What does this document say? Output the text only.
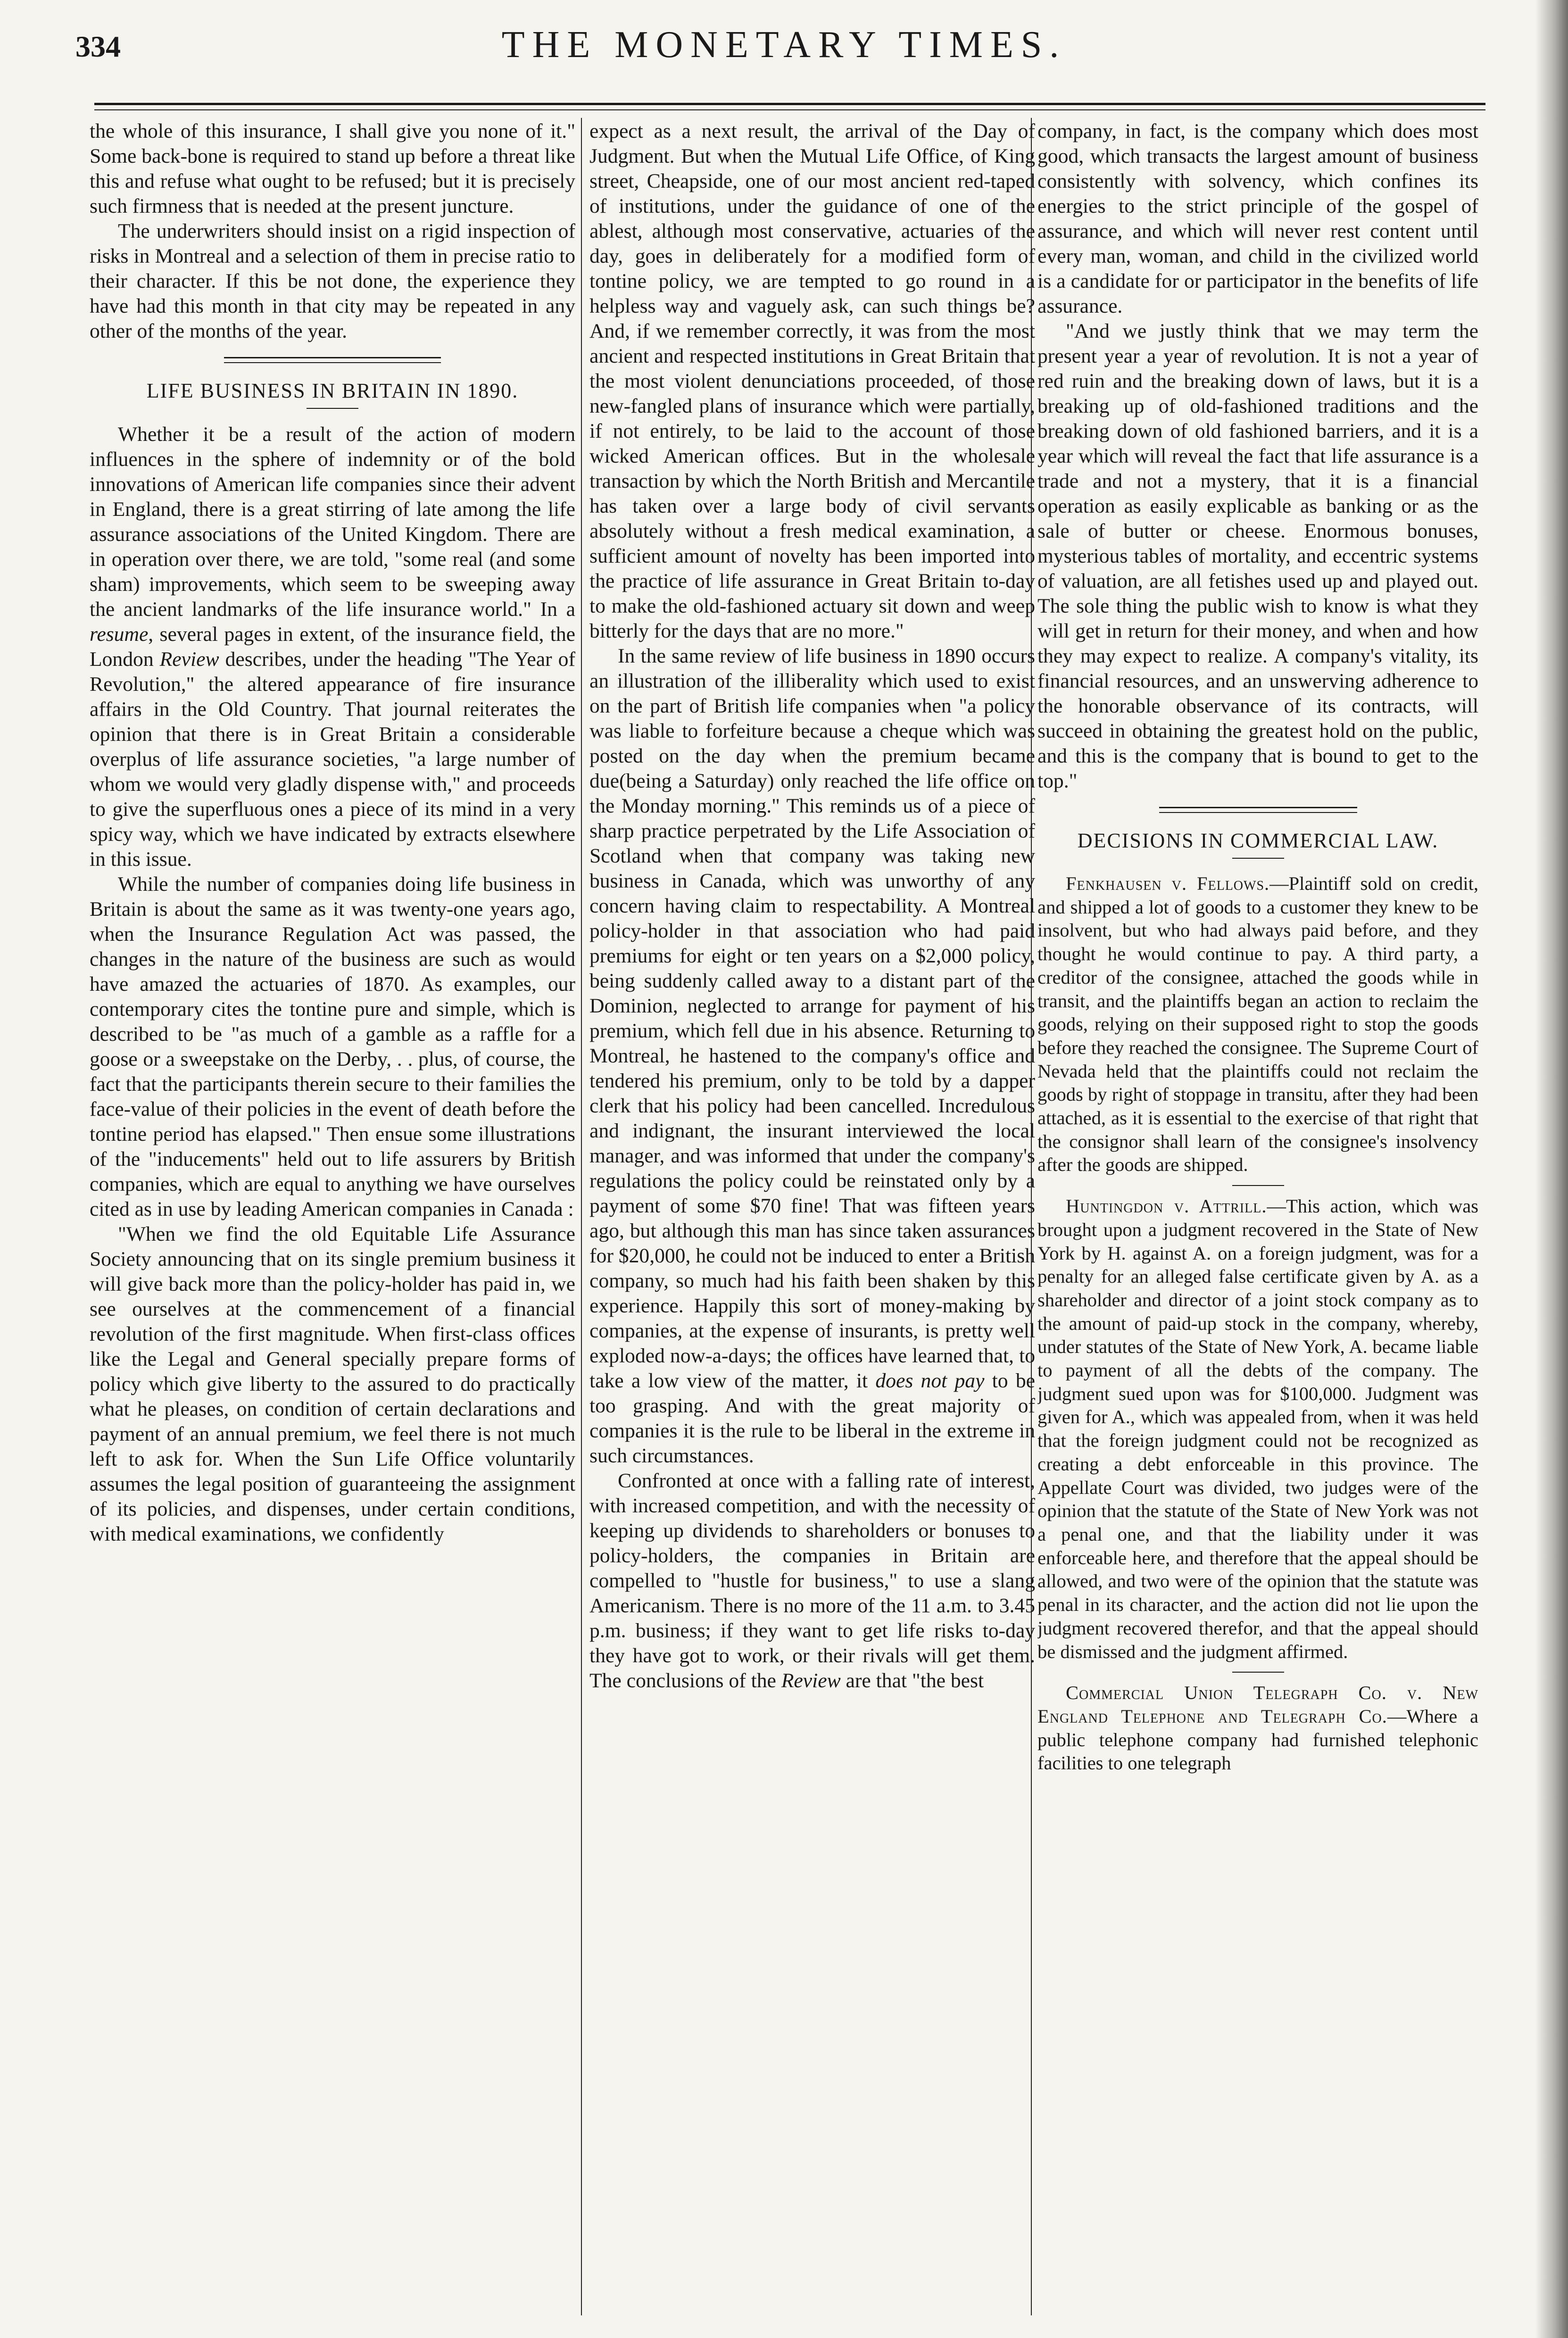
334	THE MONETARY TIMES.

the whole of this insurance, I shall give you none of it." Some back-bone is required to stand up before a threat like this and refuse what ought to be refused; but it is precisely such firmness that is needed at the present juncture.

The underwriters should insist on a rigid inspection of risks in Montreal and a selection of them in precise ratio to their character. If this be not done, the experience they have had this month in that city may be repeated in any other of the months of the year.

LIFE BUSINESS IN BRITAIN IN 1890.

Whether it be a result of the action of modern influences in the sphere of indemnity or of the bold innovations of American life companies since their advent in England, there is a great stirring of late among the life assurance associations of the United Kingdom. There are in operation over there, we are told, "some real (and some sham) improvements, which seem to be sweeping away the ancient landmarks of the life insurance world." In a resume, several pages in extent, of the insurance field, the London Review describes, under the heading "The Year of Revolution," the altered appearance of fire insurance affairs in the Old Country. That journal reiterates the opinion that there is in Great Britain a considerable overplus of life assurance societies, "a large number of whom we would very gladly dispense with," and proceeds to give the superfluous ones a piece of its mind in a very spicy way, which we have indicated by extracts elsewhere in this issue.

While the number of companies doing life business in Britain is about the same as it was twenty-one years ago, when the Insurance Regulation Act was passed, the changes in the nature of the business are such as would have amazed the actuaries of 1870. As examples, our contemporary cites the tontine pure and simple, which is described to be "as much of a gamble as a raffle for a goose or a sweepstake on the Derby, . . plus, of course, the fact that the participants therein secure to their families the face-value of their policies in the event of death before the tontine period has elapsed." Then ensue some illustrations of the "inducements" held out to life assurers by British companies, which are equal to anything we have ourselves cited as in use by leading American companies in Canada :

"When we find the old Equitable Life Assurance Society announcing that on its single premium business it will give back more than the policy-holder has paid in, we see ourselves at the commencement of a financial revolution of the first magnitude. When first-class offices like the Legal and General specially prepare forms of policy which give liberty to the assured to do practically what he pleases, on condition of certain declarations and payment of an annual premium, we feel there is not much left to ask for. When the Sun Life Office voluntarily assumes the legal position of guaranteeing the assignment of its policies, and dispenses, under certain conditions, with medical examinations, we confidently

expect as a next result, the arrival of the Day of Judgment. But when the Mutual Life Office, of King street, Cheapside, one of our most ancient red-taped of institutions, under the guidance of one of the ablest, although most conservative, actuaries of the day, goes in deliberately for a modified form of tontine policy, we are tempted to go round in a helpless way and vaguely ask, can such things be? And, if we remember correctly, it was from the most ancient and respected institutions in Great Britain that the most violent denunciations proceeded, of those new-fangled plans of insurance which were partially, if not entirely, to be laid to the account of those wicked American offices. But in the wholesale transaction by which the North British and Mercantile has taken over a large body of civil servants absolutely without a fresh medical examination, a sufficient amount of novelty has been imported into the practice of life assurance in Great Britain to-day to make the old-fashioned actuary sit down and weep bitterly for the days that are no more."

In the same review of life business in 1890 occurs an illustration of the illiberality which used to exist on the part of British life companies when "a policy was liable to forfeiture because a cheque which was posted on the day when the premium became due(being a Saturday) only reached the life office on the Monday morning." This reminds us of a piece of sharp practice perpetrated by the Life Association of Scotland when that company was taking new business in Canada, which was unworthy of any concern having claim to respectability. A Montreal policy-holder in that association who had paid premiums for eight or ten years on a $2,000 policy, being suddenly called away to a distant part of the Dominion, neglected to arrange for payment of his premium, which fell due in his absence. Returning to Montreal, he hastened to the company's office and tendered his premium, only to be told by a dapper clerk that his policy had been cancelled. Incredulous and indignant, the insurant interviewed the local manager, and was informed that under the company's regulations the policy could be reinstated only by a payment of some $70 fine! That was fifteen years ago, but although this man has since taken assurances for $20,000, he could not be induced to enter a British company, so much had his faith been shaken by this experience. Happily this sort of money-making by companies, at the expense of insurants, is pretty well exploded now-a-days; the offices have learned that, to take a low view of the matter, it does not pay to be too grasping. And with the great majority of companies it is the rule to be liberal in the extreme in such circumstances.

Confronted at once with a falling rate of interest, with increased competition, and with the necessity of keeping up dividends to shareholders or bonuses to policy-holders, the companies in Britain are compelled to "hustle for business," to use a slang Americanism. There is no more of the 11 a.m. to 3.45 p.m. business; if they want to get life risks to-day they have got to work, or their rivals will get them. The conclusions of the Review are that "the best

company, in fact, is the company which does most good, which transacts the largest amount of business consistently with solvency, which confines its energies to the strict principle of the gospel of assurance, and which will never rest content until every man, woman, and child in the civilized world is a candidate for or participator in the benefits of life assurance.

"And we justly think that we may term the present year a year of revolution. It is not a year of red ruin and the breaking down of laws, but it is a breaking up of old-fashioned traditions and the breaking down of old fashioned barriers, and it is a year which will reveal the fact that life assurance is a trade and not a mystery, that it is a financial operation as easily explicable as banking or as the sale of butter or cheese. Enormous bonuses, mysterious tables of mortality, and eccentric systems of valuation, are all fetishes used up and played out. The sole thing the public wish to know is what they will get in return for their money, and when and how they may expect to realize. A company's vitality, its financial resources, and an unswerving adherence to the honorable observance of its contracts, will succeed in obtaining the greatest hold on the public, and this is the company that is bound to get to the top."

DECISIONS IN COMMERCIAL LAW.

Fenkhausen v. Fellows.—Plaintiff sold on credit, and shipped a lot of goods to a customer they knew to be insolvent, but who had always paid before, and they thought he would continue to pay. A third party, a creditor of the consignee, attached the goods while in transit, and the plaintiffs began an action to reclaim the goods, relying on their supposed right to stop the goods before they reached the consignee. The Supreme Court of Nevada held that the plaintiffs could not reclaim the goods by right of stoppage in transitu, after they had been attached, as it is essential to the exercise of that right that the consignor shall learn of the consignee's insolvency after the goods are shipped.

Huntingdon v. Attrill.—This action, which was brought upon a judgment recovered in the State of New York by H. against A. on a foreign judgment, was for a penalty for an alleged false certificate given by A. as a shareholder and director of a joint stock company as to the amount of paid-up stock in the company, whereby, under statutes of the State of New York, A. became liable to payment of all the debts of the company. The judgment sued upon was for $100,000. Judgment was given for A., which was appealed from, when it was held that the foreign judgment could not be recognized as creating a debt enforceable in this province. The Appellate Court was divided, two judges were of the opinion that the statute of the State of New York was not a penal one, and that the liability under it was enforceable here, and therefore that the appeal should be allowed, and two were of the opinion that the statute was penal in its character, and the action did not lie upon the judgment recovered therefor, and that the appeal should be dismissed and the judgment affirmed.

Commercial Union Telegraph Co. v. New England Telephone and Telegraph Co.—Where a public telephone company had furnished telephonic facilities to one telegraph
